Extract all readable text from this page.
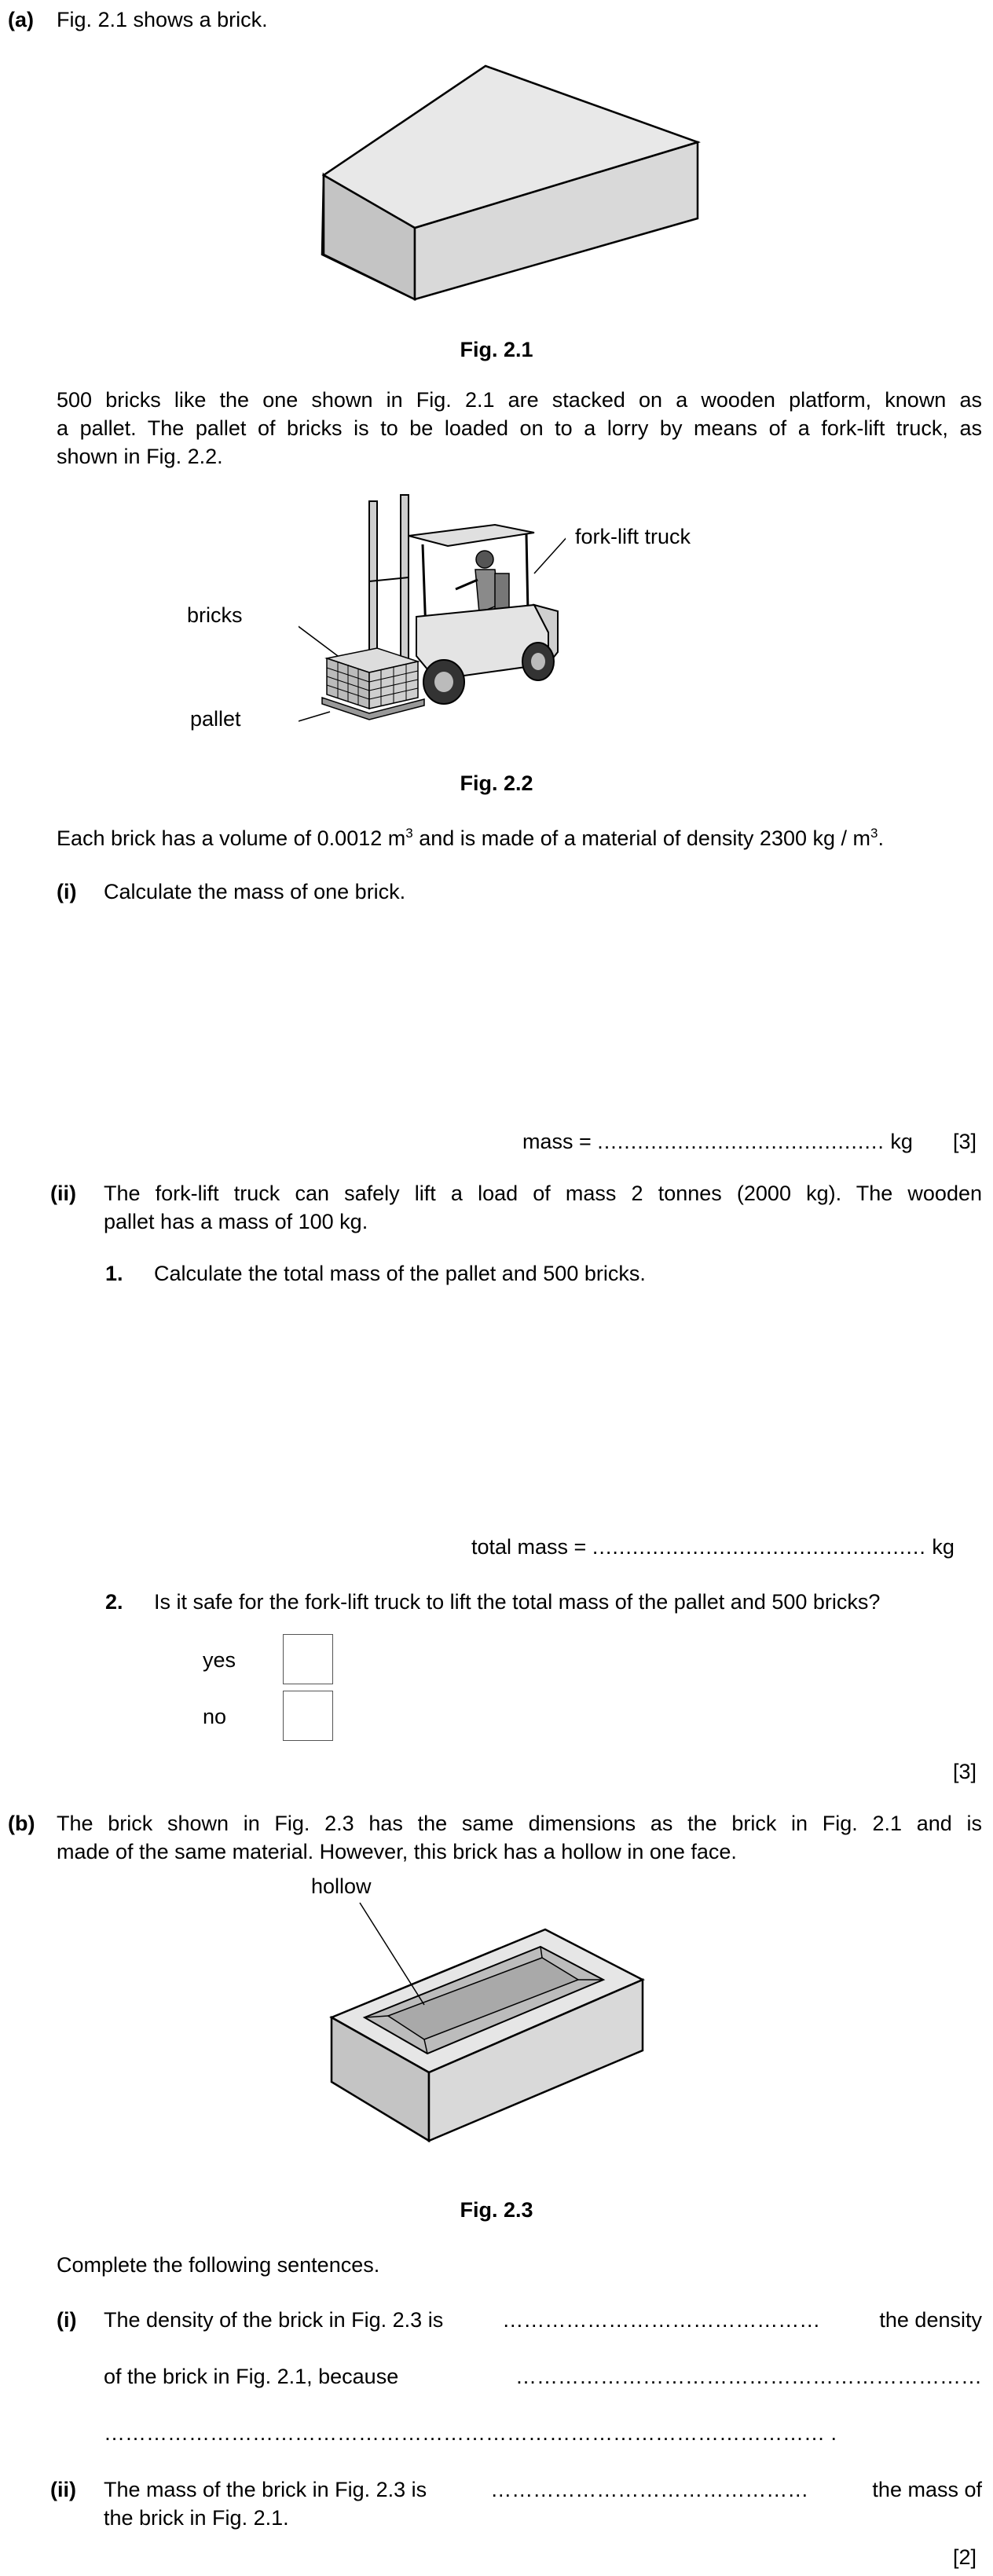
(a) Fig. 2.1 shows a brick.
Fig. 2.1
500 bricks like the one shown in Fig. 2.1 are stacked on a wooden platform, known as
a pallet. The pallet of bricks is to be loaded on to a lorry by means of a fork-lift truck, as
shown in Fig. 2.2.
fork-lift truck
bricks
pallet
Fig. 2.2
Each brick has a volume of 0.0012 $m^3$ and is made of a material of density 2300 kg / $m^3$.
(i) Calculate the mass of one brick.
mass = ........................................... kg [3]
(ii) The fork-lift truck can safely lift a load of mass 2 tonnes (2000 kg). The wooden
pallet has a mass of 100 kg.
1. Calculate the total mass of the pallet and 500 bricks.
total mass = .................................................. kg
2. Is it safe for the fork-lift truck to lift the total mass of the pallet and 500 bricks?
yes
no
[3]
(b) The brick shown in Fig. 2.3 has the same dimensions as the brick in Fig. 2.1 and is
made of the same material. However, this brick has a hollow in one face.
hollow
Fig. 2.3
Complete the following sentences.
(i) The density of the brick in Fig. 2.3 is	………………………………………	the density
of the brick in Fig. 2.1, because	…………………………………………………………
………………………………………………………………………………………… .
(ii) The mass of the brick in Fig. 2.3 is	………………………………………	the mass of
the brick in Fig. 2.1.
[2]
